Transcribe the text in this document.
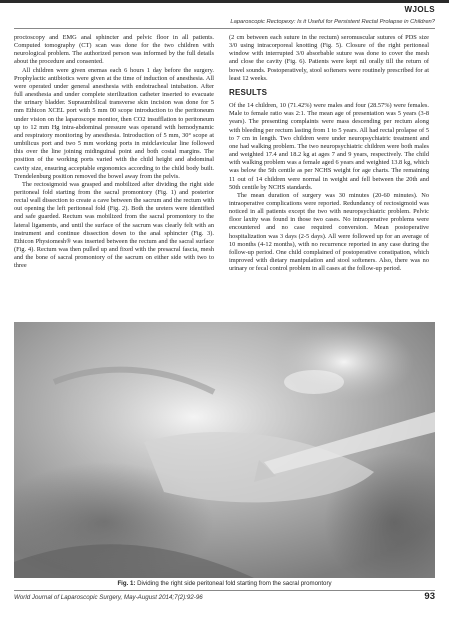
WJOLS
Laparoscopic Rectopexy: Is it Useful for Persistent Rectal Prolapse in Children?

proctoscopy and EMG anal sphincter and pelvic floor in all patients. Computed tomography (CT) scan was done for the two children with neurological problem. The authorized person was informed by the full details about the procedure and consented.

All children were given enemas each 6 hours 1 day before the surgery. Prophylactic antibiotics were given at the time of induction of anesthesia. All were operated under general anesthesia with endotracheal intubation. After full anesthesia and under complete sterilization catheter inserted to evacuate the urinary bladder. Supraumbilical transverse skin incision was done for 5 mm Ethicon XCEL port with 5 mm 00 scope introduction to the peritoneum under vision on the laparoscope monitor, then CO2 insufflation to peritoneum up to 12 mm Hg intra-abdominal pressure was operand with hemodynamic and respiratory monitoring by anesthesia. Introduction of 5 mm, 30° scope at umbilicus port and two 5 mm working ports in midclavicular line followed this over the line joining midinguinal point and both costal margins. The position of the working ports varied with the child height and abdominal cavity size, ensuring acceptable ergonomics according to the child body built. Trendelenburg position removed the bowel away from the pelvis.

The rectosigmoid was grasped and mobilized after dividing the right side peritoneal fold starting from the sacral promontory (Fig. 1) and posterior rectal wall dissection to create a cave between the sacrum and the rectum with out opening the left peritoneal fold (Fig. 2). Both the ureters were identified and safe guarded. Rectum was mobilized from the sacral promontory to the lateral ligaments, and until the surface of the sacrum was clearly felt with an instrument and continue dissection down to the anal sphincter (Fig. 3). Ethicon Physiomesh® was inserted between the rectum and the sacral surface (Fig. 4). Rectum was then pulled up and fixed with the presacral fascia, mesh and the bone of sacral promontory of the sacrum on either side with two to three

(2 cm between each suture in the rectum) seromuscular sutures of PDS size 3/0 using intracorporeal knotting (Fig. 5). Closure of the right peritoneal window with interrupted 3/0 absorbable suture was done to cover the mesh and close the cavity (Fig. 6). Patients were kept nil orally till the return of bowel sounds. Postoperatively, stool softeners were routinely prescribed for at least 12 weeks.

RESULTS

Of the 14 children, 10 (71.42%) were males and four (28.57%) were females. Male to female ratio was 2:1. The mean age of presentation was 5 years (3-8 years). The presenting complaints were mass descending per rectum along with bleeding per rectum lasting from 1 to 5 years. All had rectal prolapse of 5 to 7 cm in length. Two children were under neuropsychiatric treatment and one had walking problem. The two neuropsychiatric children were both males and weighted 17.4 and 18.2 kg at ages 7 and 9 years, respectively. The child with walking problem was a female aged 6 years and weighted 13.8 kg, which was below the 5th centile as per NCHS weight for age charts. The remaining 11 out of 14 children were normal in weight and fell between the 20th and 50th centile by NCHS standards.

The mean duration of surgery was 30 minutes (20-60 minutes). No intraoperative complications were reported. Redundancy of rectosigmoid was noticed in all patients except the two with neuropsychiatric problem. Pelvic floor laxity was found in those two cases. No intraoperative problems were encountered and no case required conversion. Mean postoperative hospitalization was 3 days (2-5 days). All were followed up for an average of 10 months (4-12 months), with no recurrence reported in any case during the follow-up period. One child complained of postoperative constipation, which improved with dietary manipulation and stool softeners. Also, there was no urinary or fecal control problem in all cases at the follow-up period.

Fig. 1: Dividing the right side peritoneal fold starting from the sacral promontory
World Journal of Laparoscopic Surgery, May-August 2014;7(2):92-96	93
